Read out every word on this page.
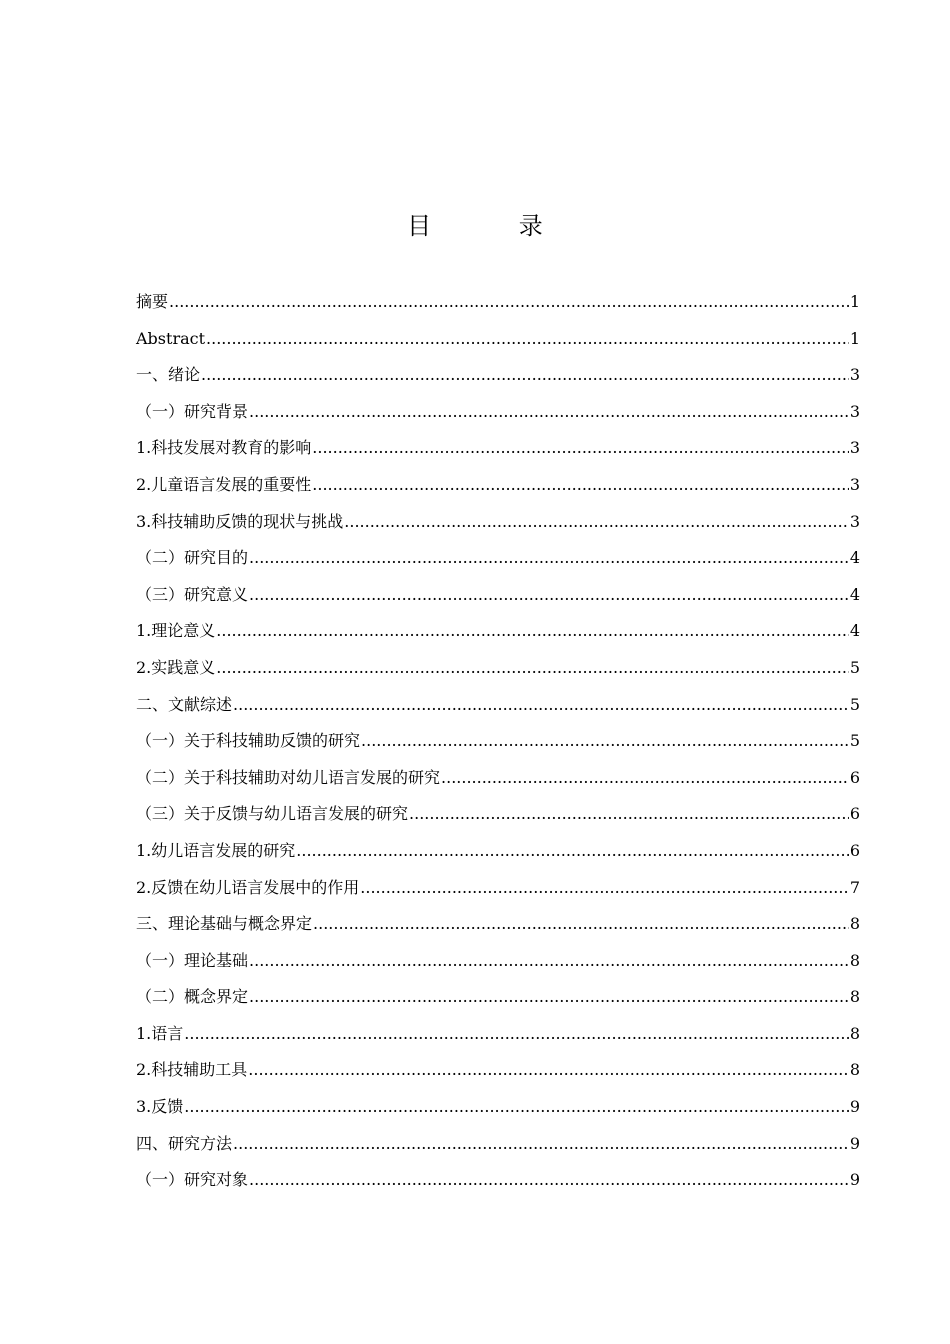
目 录
摘要 .....	1
Abstract .....	1
一、绪论 .....	3
（一）研究背景 .....	3
1.科技发展对教育的影响 .....	3
2.儿童语言发展的重要性 .....	3
3.科技辅助反馈的现状与挑战 .....	3
（二）研究目的 .....	4
（三）研究意义 .....	4
1.理论意义 .....	4
2.实践意义 .....	5
二、文献综述 .....	5
（一）关于科技辅助反馈的研究 .....	5
（二）关于科技辅助对幼儿语言发展的研究 .....	6
（三）关于反馈与幼儿语言发展的研究 .....	6
1.幼儿语言发展的研究 .....	6
2.反馈在幼儿语言发展中的作用 .....	7
三、理论基础与概念界定 .....	8
（一）理论基础 .....	8
（二）概念界定 .....	8
1.语言 .....	8
2.科技辅助工具 .....	8
3.反馈 .....	9
四、研究方法 .....	9
（一）研究对象 .....	9
